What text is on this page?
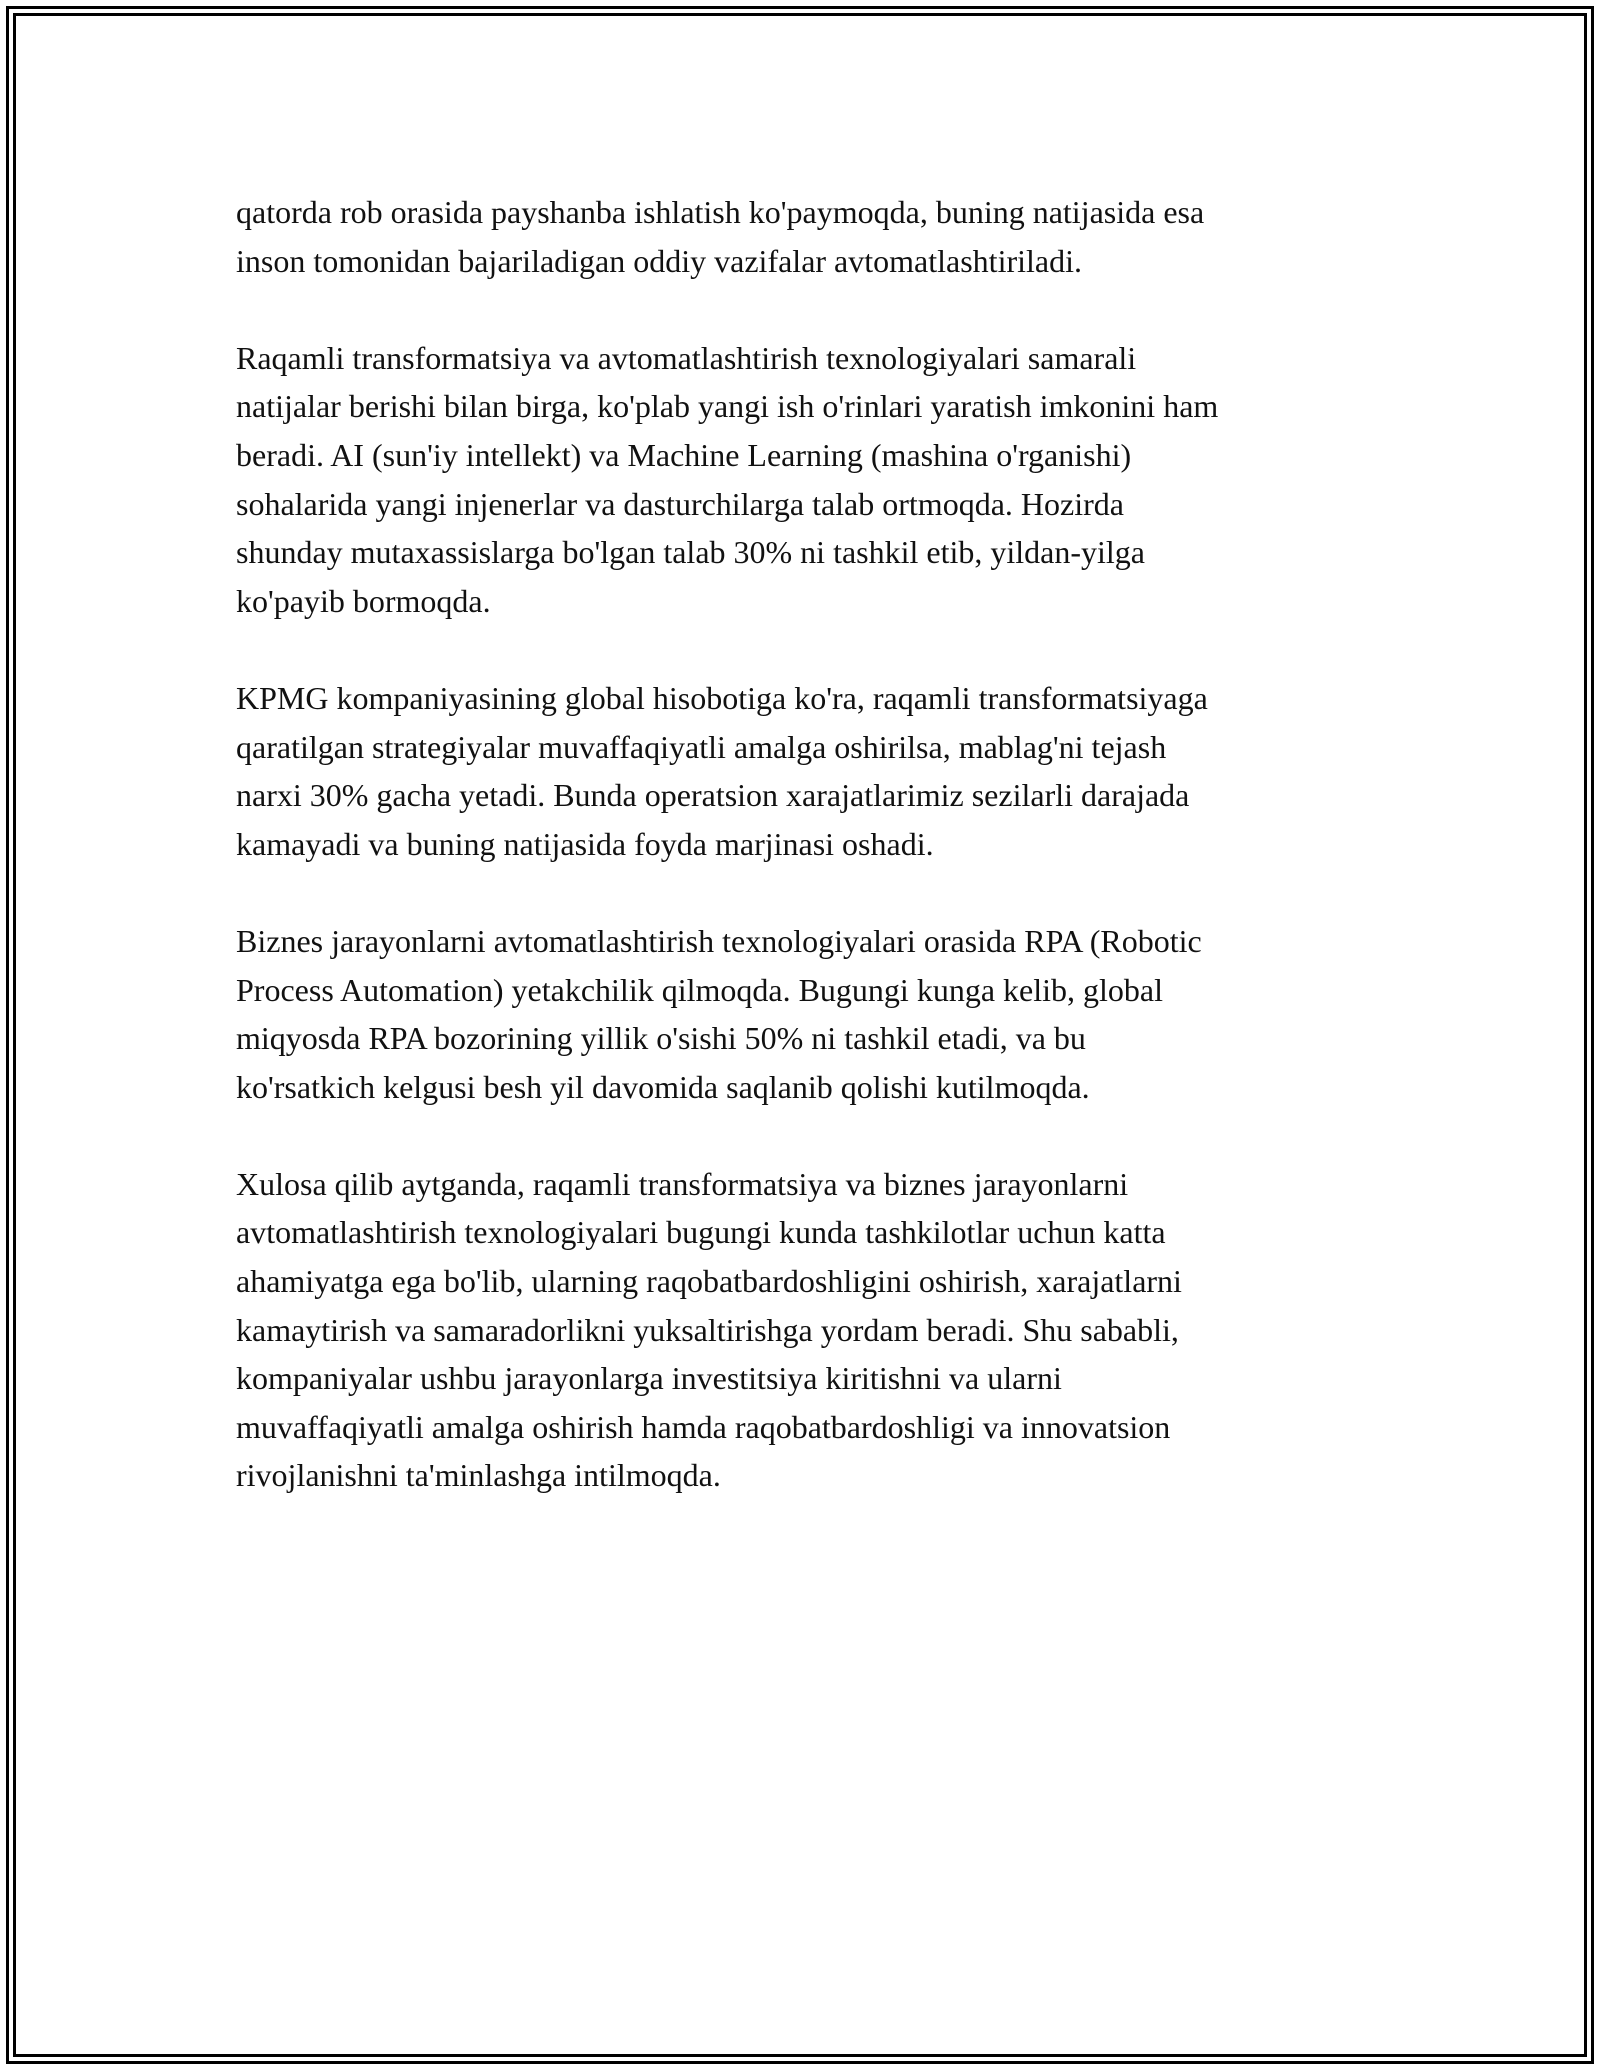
qatorda rob orasida payshanba ishlatish ko'paymoqda, buning natijasida esa
inson tomonidan bajariladigan oddiy vazifalar avtomatlashtiriladi.

Raqamli transformatsiya va avtomatlashtirish texnologiyalari samarali
natijalar berishi bilan birga, ko'plab yangi ish o'rinlari yaratish imkonini ham
beradi. AI (sun'iy intellekt) va Machine Learning (mashina o'rganishi)
sohalarida yangi injenerlar va dasturchilarga talab ortmoqda. Hozirda
shunday mutaxassislarga bo'lgan talab 30% ni tashkil etib, yildan-yilga
ko'payib bormoqda.

KPMG kompaniyasining global hisobotiga ko'ra, raqamli transformatsiyaga
qaratilgan strategiyalar muvaffaqiyatli amalga oshirilsa, mablag'ni tejash
narxi 30% gacha yetadi. Bunda operatsion xarajatlarimiz sezilarli darajada
kamayadi va buning natijasida foyda marjinasi oshadi.

Biznes jarayonlarni avtomatlashtirish texnologiyalari orasida RPA (Robotic
Process Automation) yetakchilik qilmoqda. Bugungi kunga kelib, global
miqyosda RPA bozorining yillik o'sishi 50% ni tashkil etadi, va bu
ko'rsatkich kelgusi besh yil davomida saqlanib qolishi kutilmoqda.

Xulosa qilib aytganda, raqamli transformatsiya va biznes jarayonlarni
avtomatlashtirish texnologiyalari bugungi kunda tashkilotlar uchun katta
ahamiyatga ega bo'lib, ularning raqobatbardoshligini oshirish, xarajatlarni
kamaytirish va samaradorlikni yuksaltirishga yordam beradi. Shu sababli,
kompaniyalar ushbu jarayonlarga investitsiya kiritishni va ularni
muvaffaqiyatli amalga oshirish hamda raqobatbardoshligi va innovatsion
rivojlanishni ta'minlashga intilmoqda.
